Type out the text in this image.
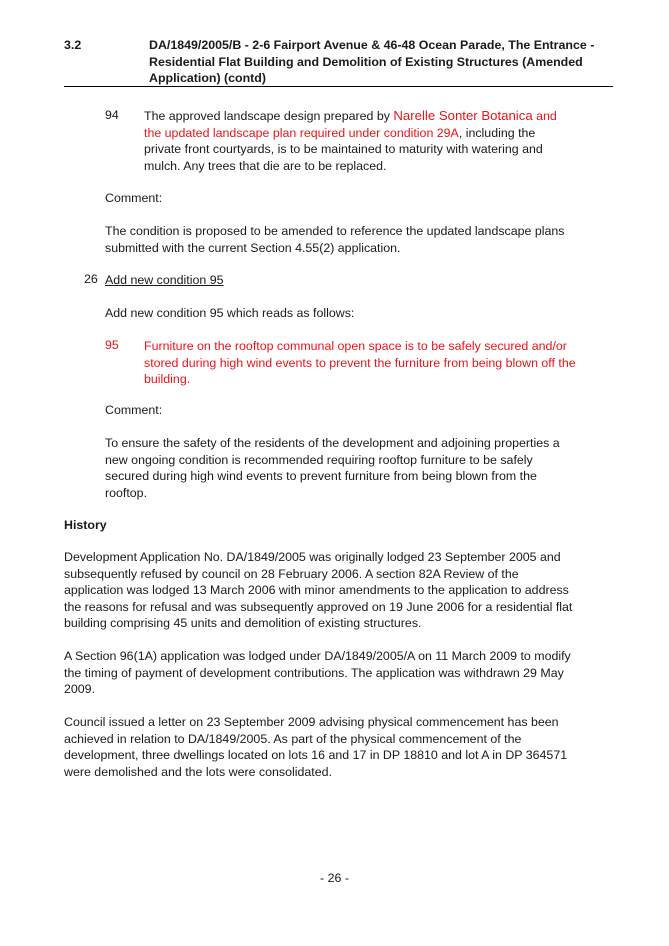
3.2	DA/1849/2005/B - 2-6 Fairport Avenue & 46-48 Ocean Parade, The Entrance - Residential Flat Building and Demolition of Existing Structures (Amended Application) (contd)
94 The approved landscape design prepared by Narelle Sonter Botanica and the updated landscape plan required under condition 29A, including the private front courtyards, is to be maintained to maturity with watering and mulch. Any trees that die are to be replaced.
Comment:
The condition is proposed to be amended to reference the updated landscape plans submitted with the current Section 4.55(2) application.
26 Add new condition 95
Add new condition 95 which reads as follows:
95 Furniture on the rooftop communal open space is to be safely secured and/or stored during high wind events to prevent the furniture from being blown off the building.
Comment:
To ensure the safety of the residents of the development and adjoining properties a new ongoing condition is recommended requiring rooftop furniture to be safely secured during high wind events to prevent furniture from being blown from the rooftop.
History
Development Application No. DA/1849/2005 was originally lodged 23 September 2005 and subsequently refused by council on 28 February 2006. A section 82A Review of the application was lodged 13 March 2006 with minor amendments to the application to address the reasons for refusal and was subsequently approved on 19 June 2006 for a residential flat building comprising 45 units and demolition of existing structures.
A Section 96(1A) application was lodged under DA/1849/2005/A on 11 March 2009 to modify the timing of payment of development contributions. The application was withdrawn 29 May 2009.
Council issued a letter on 23 September 2009 advising physical commencement has been achieved in relation to DA/1849/2005. As part of the physical commencement of the development, three dwellings located on lots 16 and 17 in DP 18810 and lot A in DP 364571 were demolished and the lots were consolidated.
- 26 -
